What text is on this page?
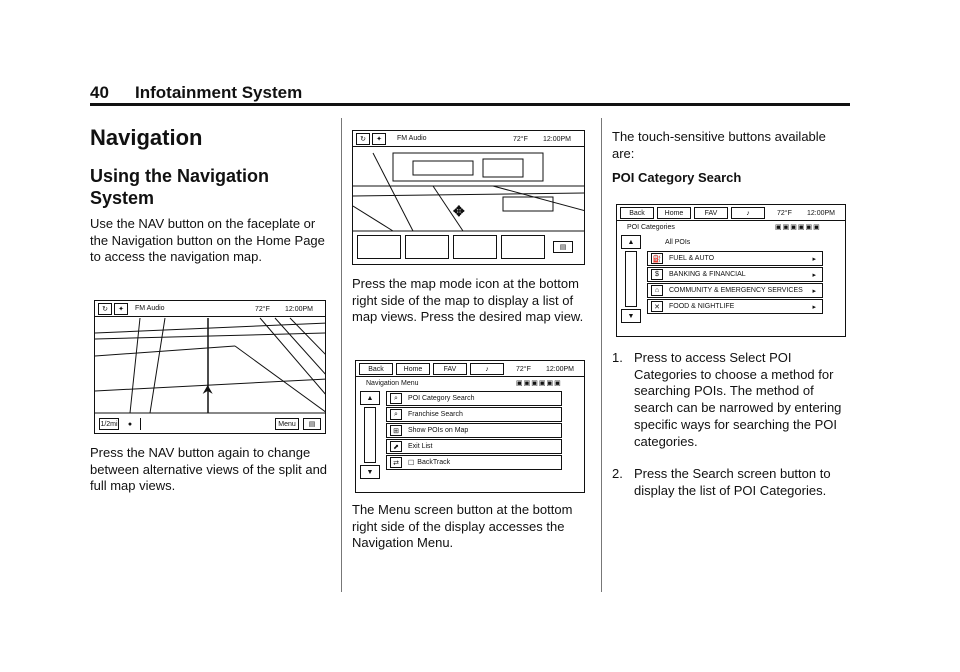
40 Infotainment System
Navigation
Using the Navigation System
Use the NAV button on the faceplate or the Navigation button on the Home Page to access the navigation map.
↻	✦	FM Audio	72°F 12:00PM
⮝
1/2mi	●	Menu	▤
Press the NAV button again to change between alternative views of the split and full map views.
↻	✦	FM Audio	72°F 12:00PM
✥
▤
Press the map mode icon at the bottom right side of the map to display a list of map views. Press the desired map view.
Back	Home	FAV	♪	72°F 12:00PM
Navigation Menu	▣▣▣▣▣▣
▲
▼
⌕	POI Category Search
⌕	Franchise Search
⊞	Show POIs on Map
⬈	Exit List
⇄	☐ BackTrack
The Menu screen button at the bottom right side of the display accesses the Navigation Menu.
The touch-sensitive buttons available are:
POI Category Search
Back	Home	FAV	♪	72°F 12:00PM
POI Categories	▣▣▣▣▣▣
▲
▼
All POIs
⛽ FUEL & AUTO	▸
$	BANKING & FINANCIAL	▸
⌂	COMMUNITY & EMERGENCY SERVICES ▸
✕	FOOD & NIGHTLIFE	▸
1. Press to access Select POI Categories to choose a method for searching POIs. The method of search can be narrowed by entering specific ways for searching the POI categories.
2. Press the Search screen button to display the list of POI Categories.
